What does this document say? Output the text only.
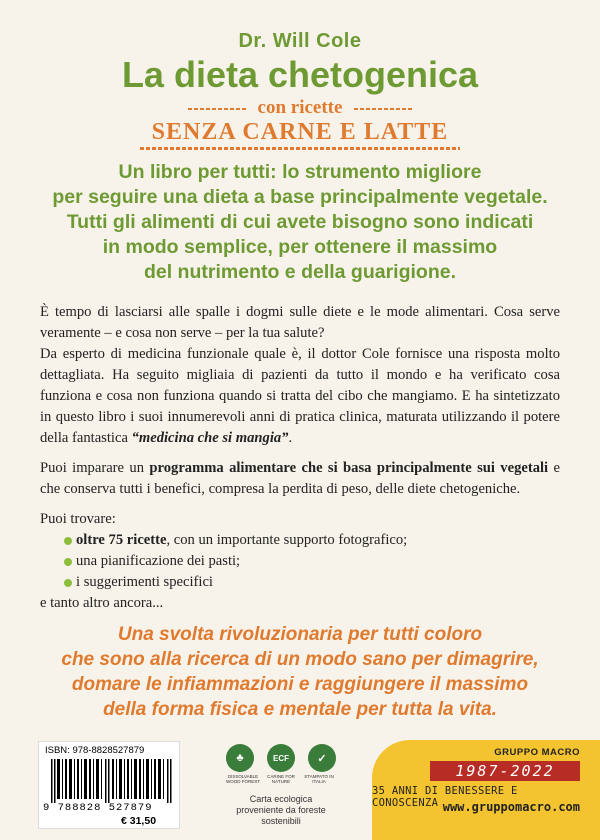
Dr. Will Cole
La dieta chetogenica
con ricette
SENZA CARNE E LATTE
Un libro per tutti: lo strumento migliore
per seguire una dieta a base principalmente vegetale.
Tutti gli alimenti di cui avete bisogno sono indicati
in modo semplice, per ottenere il massimo
del nutrimento e della guarigione.

È tempo di lasciarsi alle spalle i dogmi sulle diete e le mode alimentari. Cosa serve veramente – e cosa non serve – per la tua salute?

Da esperto di medicina funzionale quale è, il dottor Cole fornisce una risposta molto dettagliata. Ha seguito migliaia di pazienti da tutto il mondo e ha verificato cosa funziona e cosa non funziona quando si tratta del cibo che mangiamo. E ha sintetizzato in questo libro i suoi innumerevoli anni di pratica clinica, maturata utilizzando il potere della fantastica “medicina che si mangia”.

Puoi imparare un programma alimentare che si basa principalmente sui vegetali e che conserva tutti i benefici, compresa la perdita di peso, delle diete chetogeniche.

Puoi trovare:

oltre 75 ricette, con un importante supporto fotografico;
una pianificazione dei pasti;
i suggerimenti specifici

e tanto altro ancora...

Una svolta rivoluzionaria per tutti coloro
che sono alla ricerca di un modo sano per dimagrire,
domare le infiammazioni e raggiungere il massimo
della forma fisica e mentale per tutta la vita.
ISBN: 978-8828527879
9 788828 527879
€ 31,50
♣	ECF	✓
DISSOLVABLE WOOD FOREST
CARINE FOR NATURE
STAMPATO IN ITALIA
Carta ecologica proveniente da foreste sostenibili
GRUPPO MACRO
1987-2022
35 ANNI DI BENESSERE E CONOSCENZA www.gruppomacro.com
